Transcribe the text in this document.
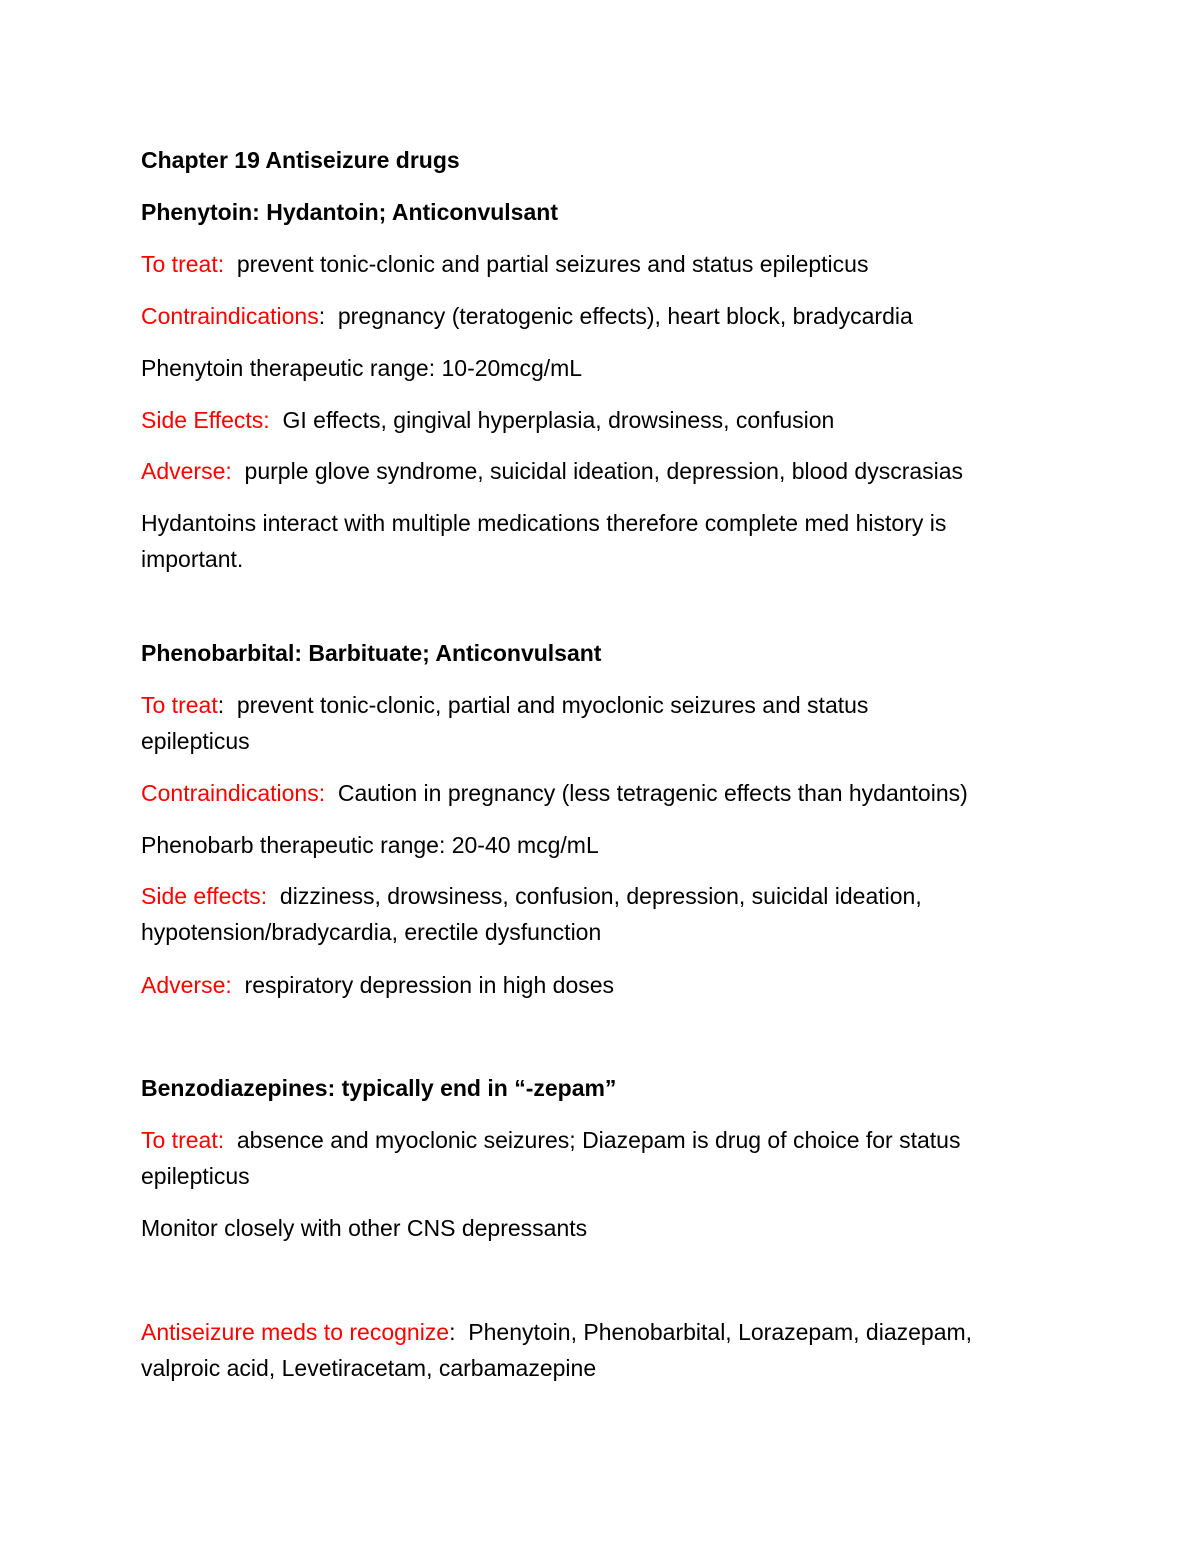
Chapter 19 Antiseizure drugs
Phenytoin: Hydantoin; Anticonvulsant
To treat:  prevent tonic-clonic and partial seizures and status epilepticus
Contraindications:  pregnancy (teratogenic effects), heart block, bradycardia
Phenytoin therapeutic range: 10-20mcg/mL
Side Effects:  GI effects, gingival hyperplasia, drowsiness, confusion
Adverse:  purple glove syndrome, suicidal ideation, depression, blood dyscrasias
Hydantoins interact with multiple medications therefore complete med history is
important.
Phenobarbital: Barbituate; Anticonvulsant
To treat:  prevent tonic-clonic, partial and myoclonic seizures and status
epilepticus
Contraindications:  Caution in pregnancy (less tetragenic effects than hydantoins)
Phenobarb therapeutic range: 20-40 mcg/mL
Side effects:  dizziness, drowsiness, confusion, depression, suicidal ideation,
hypotension/bradycardia, erectile dysfunction
Adverse:  respiratory depression in high doses
Benzodiazepines: typically end in “-zepam”
To treat:  absence and myoclonic seizures; Diazepam is drug of choice for status
epilepticus
Monitor closely with other CNS depressants
Antiseizure meds to recognize:  Phenytoin, Phenobarbital, Lorazepam, diazepam,
valproic acid, Levetiracetam, carbamazepine
